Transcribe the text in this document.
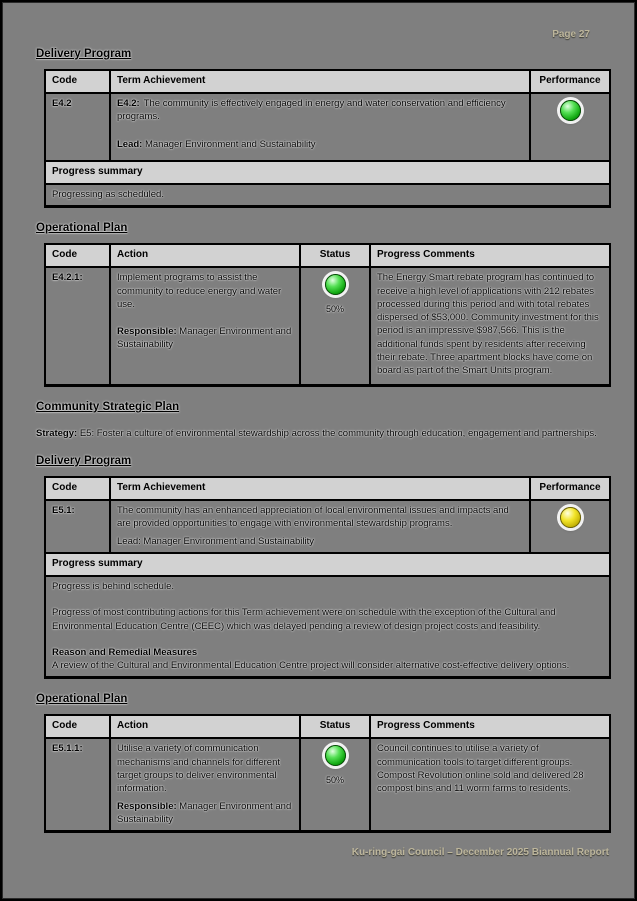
Page 27
Delivery Program
Code	Term Achievement	Performance
E4.2	E4.2: The community is effectively engaged in energy and water conservation and efficiency programs.
Lead: Manager Environment and Sustainability	

Progress summary		
Progressing as scheduled.		
Operational Plan
Code	Action	Status	Progress Comments
E4.2.1:	Implement programs to assist the community to reduce energy and water use.
Responsible: Manager Environment and Sustainability	50%	The Energy Smart rebate program has continued to receive a high level of applications with 212 rebates processed during this period and with total rebates dispersed of $53,000. Community investment for this period is an impressive $987,566. This is the additional funds spent by residents after receiving their rebate. Three apartment blocks have come on board as part of the Smart Units program.
Community Strategic Plan

Strategy: E5: Foster a culture of environmental stewardship across the community through education, engagement and partnerships.

Delivery Program
Code	Term Achievement	Performance
E5.1:	The community has an enhanced appreciation of local environmental issues and impacts and are provided opportunities to engage with environmental stewardship programs.
Lead: Manager Environment and Sustainability	

Progress summary		

Progress is behind schedule.

Progress of most contributing actions for this Term achievement were on schedule with the exception of the Cultural and Environmental Education Centre (CEEC) which was delayed pending a review of design project costs and feasibility.

Reason and Remedial Measures

A review of the Cultural and Environmental Education Centre project will consider alternative cost-effective delivery options.		

Operational Plan
Code	Action	Status	Progress Comments
E5.1.1:	Utilise a variety of communication mechanisms and channels for different target groups to deliver environmental information.
Responsible: Manager Environment and Sustainability	50%	Council continues to utilise a variety of communication tools to target different groups. Compost Revolution online sold and delivered 28 compost bins and 11 worm farms to residents.
Ku-ring-gai Council – December 2025 Biannual Report
